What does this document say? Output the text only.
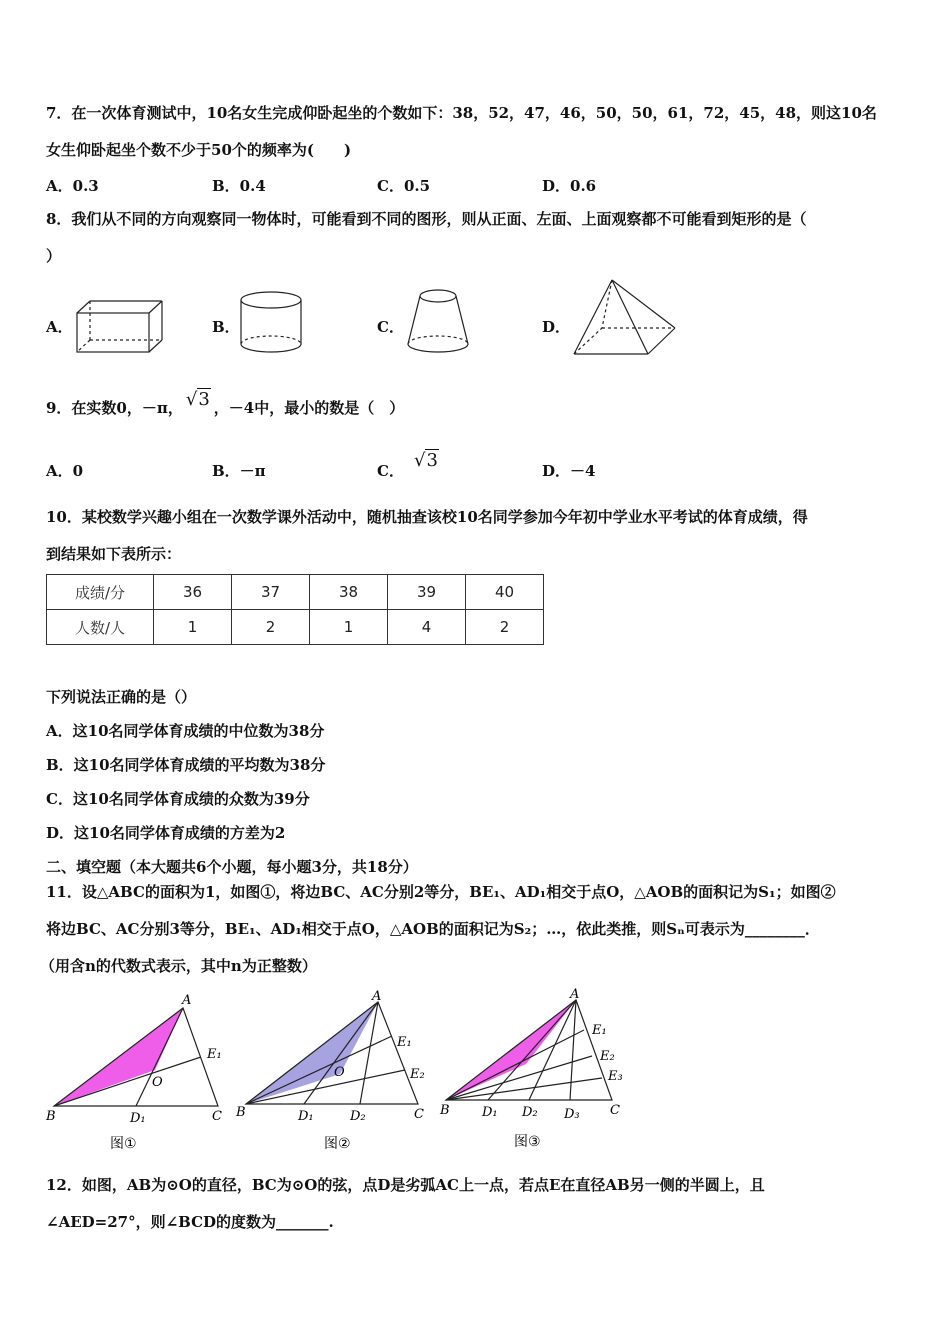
7．在一次体育测试中，10名女生完成仰卧起坐的个数如下：38，52，47，46，50，50，61，72，45，48，则这10名
女生仰卧起坐个数不少于50个的频率为(　　)
A．0.3	B．0.4	C．0.5	D．0.6
8．我们从不同的方向观察同一物体时，可能看到不同的图形，则从正面、左面、上面观察都不可能看到矩形的是（
）
A．	B．	C．	D．
9．在实数0，－π， √3 ，－4中，最小的数是（　）
A．0	B．－π	C． √3	D．－4
10．某校数学兴趣小组在一次数学课外活动中，随机抽查该校10名同学参加今年初中学业水平考试的体育成绩，得
到结果如下表所示：
成绩/分	36	37	38	39	40
人数/人	1	2	1	4	2
下列说法正确的是（）
A．这10名同学体育成绩的中位数为38分
B．这10名同学体育成绩的平均数为38分
C．这10名同学体育成绩的众数为39分
D．这10名同学体育成绩的方差为2
二、填空题（本大题共6个小题，每小题3分，共18分）
11．设△ABC的面积为1，如图①，将边BC、AC分别2等分，BE₁、AD₁相交于点O，△AOB的面积记为S₁；如图②
将边BC、AC分别3等分，BE₁、AD₁相交于点O，△AOB的面积记为S₂；…，依此类推，则Sₙ可表示为________．
（用含n的代数式表示，其中n为正整数）
A
B	C
O
D₁
E₁
图①
A
B	C
O
D₁	D₂
E₁
E₂
图②
A
B	C
D₁ D₂ D₃
E₁
E₂
E₃
图③
12．如图，AB为⊙O的直径，BC为⊙O的弦，点D是劣弧AC上一点，若点E在直径AB另一侧的半圆上，且
∠AED=27°，则∠BCD的度数为_______.
